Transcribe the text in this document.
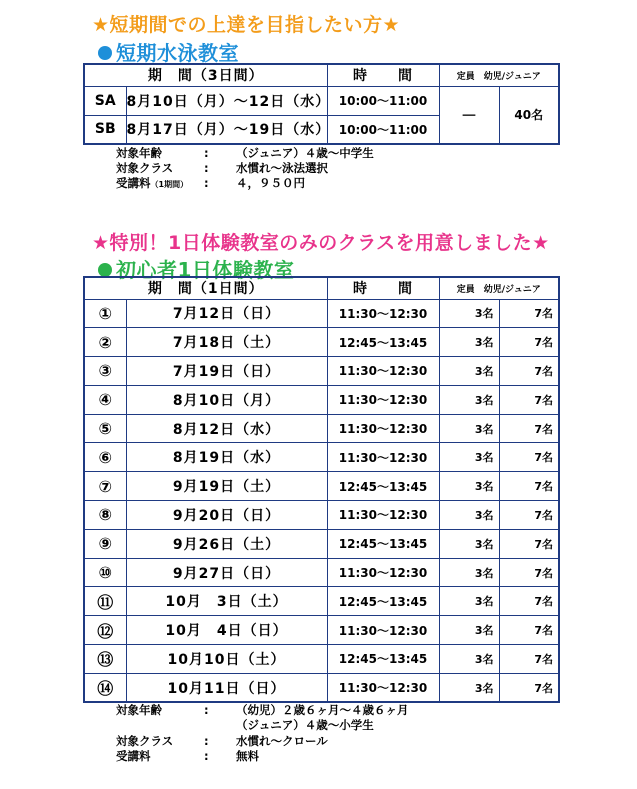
★短期間での上達を目指したい方★
短期水泳教室
期　間（3日間）		時　　間	定員　幼児/ジュニア	
SA	8月10日（月）～12日（水）	10:00～11:00	－	40名
SB	8月17日（月）～19日（水）	10:00～11:00		
対象年齢	: （ジュニア）４歳～中学生
対象クラス	: 水慣れ～泳法選択
受講料（1期間） : ４，９５０円
★特別！1日体験教室のみのクラスを用意しました★
初心者1日体験教室
期　間（1日間）		時　　間	定員　幼児/ジュニア	
①	7月12日（日）	11:30～12:30	3名	7名
②	7月18日（土）	12:45～13:45	3名	7名
③	7月19日（日）	11:30～12:30	3名	7名
④	8月10日（月）	11:30～12:30	3名	7名
⑤	8月12日（水）	11:30～12:30	3名	7名
⑥	8月19日（水）	11:30～12:30	3名	7名
⑦	9月19日（土）	12:45～13:45	3名	7名
⑧	9月20日（日）	11:30～12:30	3名	7名
⑨	9月26日（土）	12:45～13:45	3名	7名
⑩	9月27日（日）	11:30～12:30	3名	7名
⑪	10月　3日（土）	12:45～13:45	3名	7名
⑫	10月　4日（日）	11:30～12:30	3名	7名
⑬	10月10日（土）	12:45～13:45	3名	7名
⑭	10月11日（日）	11:30～12:30	3名	7名
対象年齢	: （幼児）２歳６ヶ月～４歳６ヶ月
（ジュニア）４歳～小学生
対象クラス	: 水慣れ～クロール
受講料	: 無料
